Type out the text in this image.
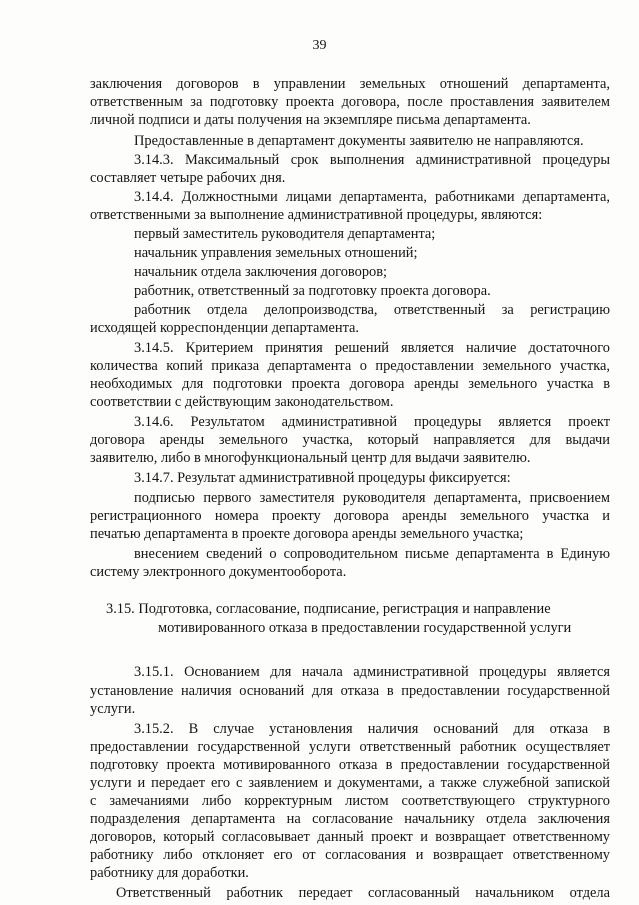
39
заключения договоров в управлении земельных отношений департамента,
ответственным за подготовку проекта договора, после проставления заявителем
личной подписи и даты получения на экземпляре письма департамента.
Предоставленные в департамент документы заявителю не направляются.
3.14.3. Максимальный срок выполнения административной процедуры
составляет четыре рабочих дня.
3.14.4. Должностными лицами департамента, работниками департамента,
ответственными за выполнение административной процедуры, являются:
первый заместитель руководителя департамента;
начальник управления земельных отношений;
начальник отдела заключения договоров;
работник, ответственный за подготовку проекта договора.
работник отдела делопроизводства, ответственный за регистрацию
исходящей корреспонденции департамента.
3.14.5. Критерием принятия решений является наличие достаточного
количества копий приказа департамента о предоставлении земельного участка,
необходимых для подготовки проекта договора аренды земельного участка в
соответствии с действующим законодательством.
3.14.6. Результатом административной процедуры является проект
договора аренды земельного участка, который направляется для выдачи
заявителю, либо в многофункциональный центр для выдачи заявителю.
3.14.7. Результат административной процедуры фиксируется:
подписью первого заместителя руководителя департамента, присвоением
регистрационного номера проекту договора аренды земельного участка и
печатью департамента в проекте договора аренды земельного участка;
внесением сведений о сопроводительном письме департамента в Единую
систему электронного документооборота.
3.15. Подготовка, согласование, подписание, регистрация и направление
мотивированного отказа в предоставлении государственной услуги
3.15.1. Основанием для начала административной процедуры является
установление наличия оснований для отказа в предоставлении государственной
услуги.
3.15.2. В случае установления наличия оснований для отказа в
предоставлении государственной услуги ответственный работник осуществляет
подготовку проекта мотивированного отказа в предоставлении государственной
услуги и передает его с заявлением и документами, а также служебной запиской
с замечаниями либо корректурным листом соответствующего структурного
подразделения департамента на согласование начальнику отдела заключения
договоров, который согласовывает данный проект и возвращает ответственному
работнику либо отклоняет его от согласования и возвращает ответственному
работнику для доработки.
Ответственный работник передает согласованный начальником отдела
